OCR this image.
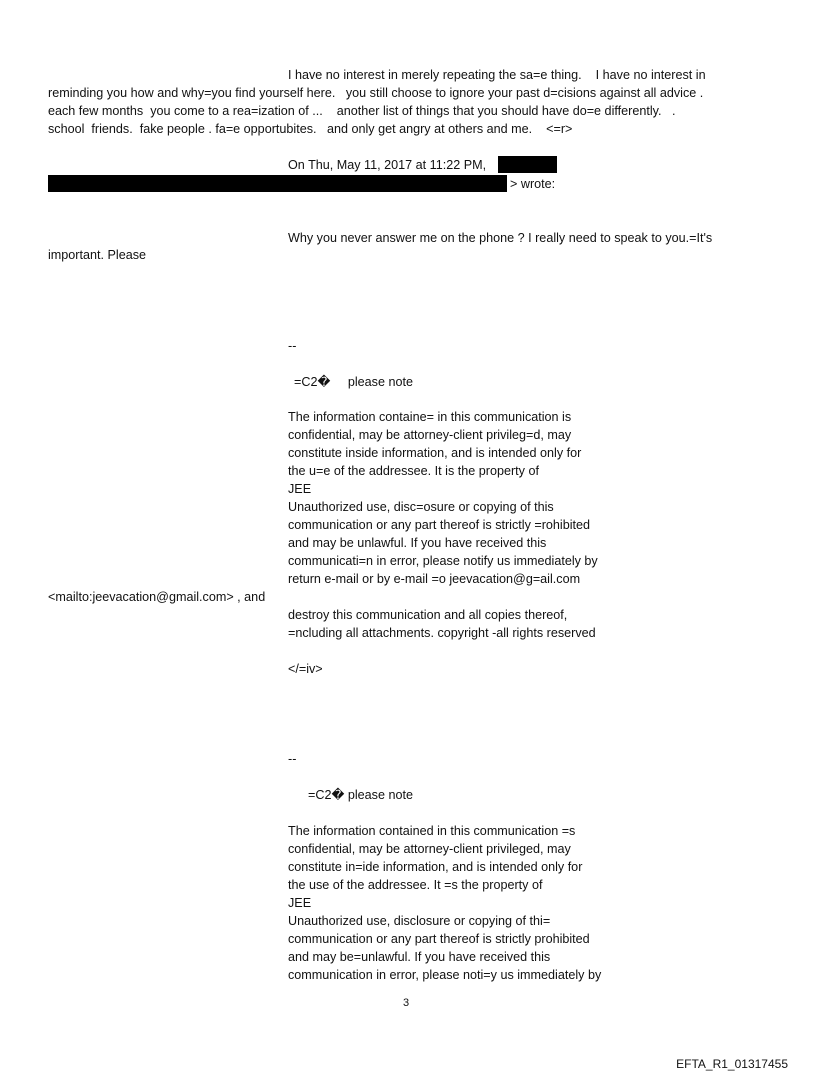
I have no interest in merely repeating the sa=e thing.    I have no interest in
reminding you how and why=you find yourself here.   you still choose to ignore your past d=cisions against all advice .
each few months  you come to a rea=ization of ...    another list of things that you should have do=e differently.   .
school  friends.  fake people . fa=e opportubites.   and only get angry at others and me.    <=r>
On Thu, May 11, 2017 at 11:22 PM,
> wrote:
Why you never answer me on the phone ? I really need to speak to you.=It's
important. Please
--
=C2�     please note
The information containe= in this communication is
confidential, may be attorney-client privileg=d, may
constitute inside information, and is intended only for
the u=e of the addressee. It is the property of
JEE
Unauthorized use, disc=osure or copying of this
communication or any part thereof is strictly =rohibited
and may be unlawful. If you have received this
communicati=n in error, please notify us immediately by
return e-mail or by e-mail =o jeevacation@g=ail.com
<mailto:jeevacation@gmail.com> , and
destroy this communication and all copies thereof,
=ncluding all attachments. copyright -all rights reserved
</=iv>
--
=C2� please note
The information contained in this communication =s
confidential, may be attorney-client privileged, may
constitute in=ide information, and is intended only for
the use of the addressee. It =s the property of
JEE
Unauthorized use, disclosure or copying of thi=
communication or any part thereof is strictly prohibited
and may be=unlawful. If you have received this
communication in error, please noti=y us immediately by
3
EFTA_R1_01317455
